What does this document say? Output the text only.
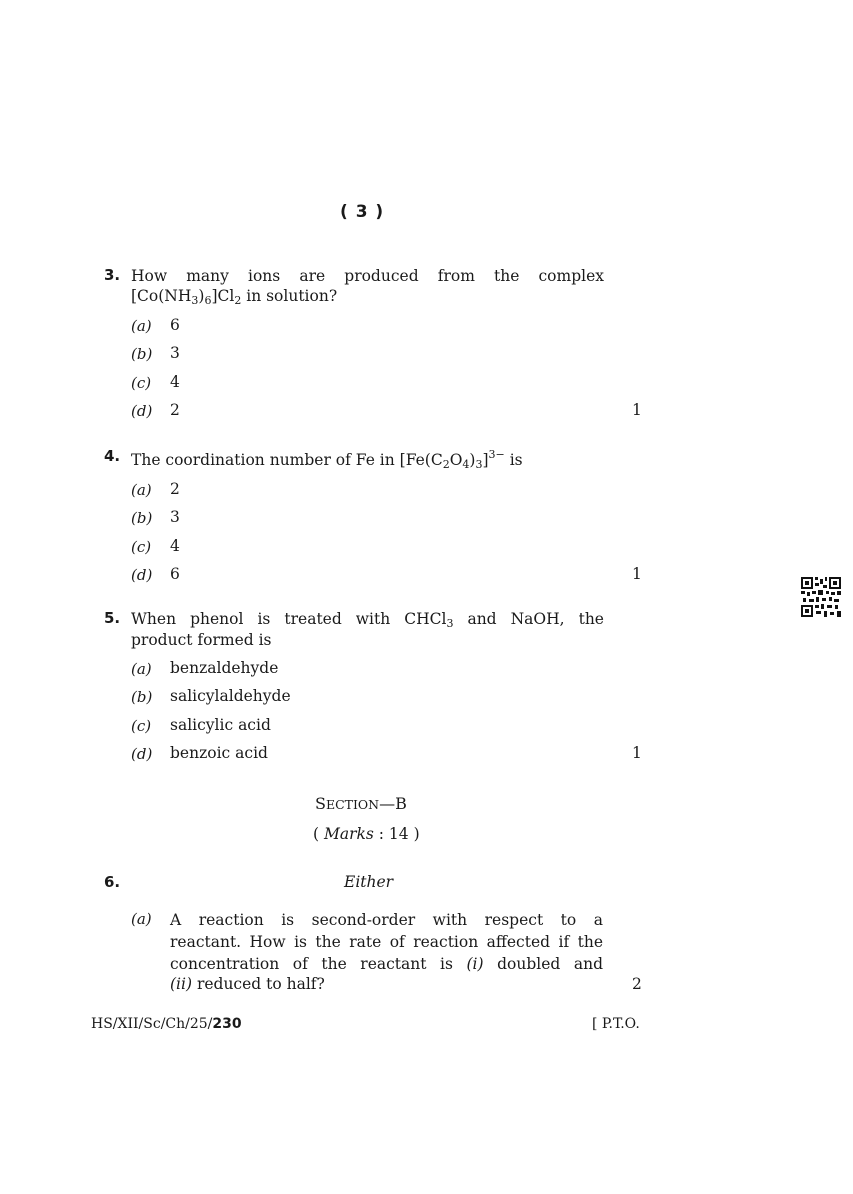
( 3 )
3. How many ions are produced from the complex
$[Co(NH_3)_6]Cl_2$ in solution?
(a) 6
(b) 3
(c) 4
(d) 2	1
4. The coordination number of Fe in $[Fe(C_2O_4)_3]^{3-}$ is
(a) 2
(b) 3
(c) 4
(d) 6	1
5. When phenol is treated with CHCl$_3$ and NaOH, the
product formed is
(a) benzaldehyde
(b) salicylaldehyde
(c) salicylic acid
(d) benzoic acid	1
SECTION—B
( Marks : 14 )
6.	Either
(a) A reaction is second-order with respect to a
reactant. How is the rate of reaction affected if the
concentration of the reactant is (i) doubled and
(ii) reduced to half?	2
HS/XII/Sc/Ch/25/230	[ P.T.O.
